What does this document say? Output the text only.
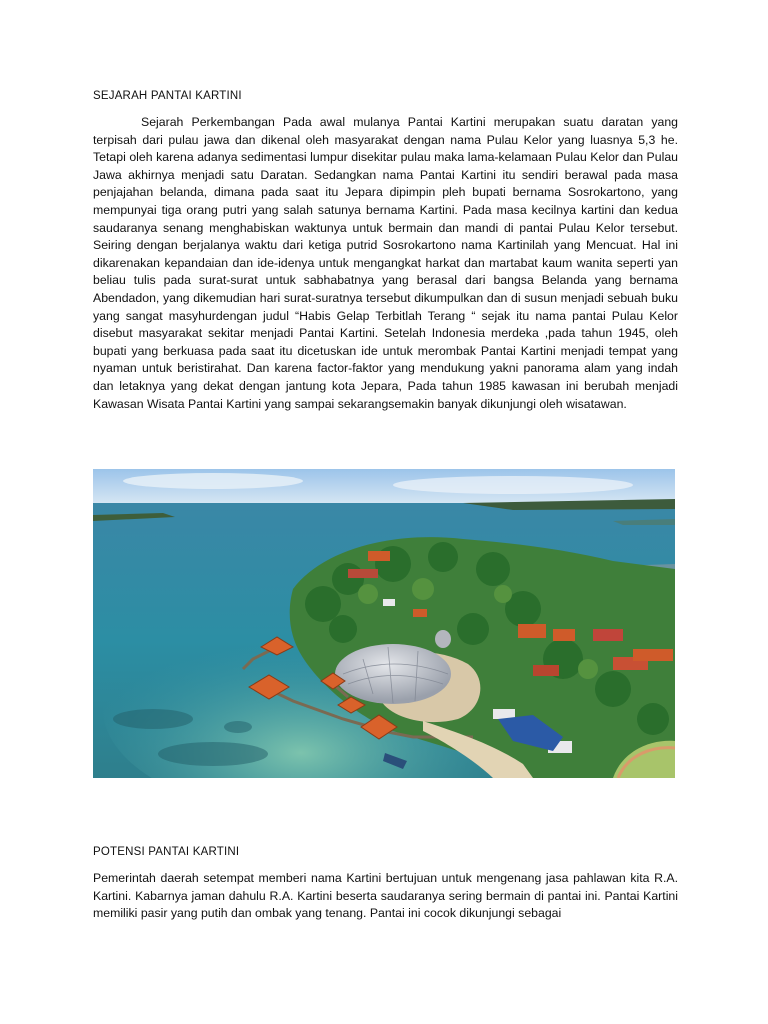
SEJARAH PANTAI KARTINI

Sejarah Perkembangan Pada awal mulanya Pantai Kartini merupakan suatu daratan yang terpisah dari pulau jawa dan dikenal oleh masyarakat dengan nama Pulau Kelor yang luasnya 5,3 he. Tetapi oleh karena adanya sedimentasi lumpur disekitar pulau maka lama-kelamaan Pulau Kelor dan Pulau Jawa akhirnya menjadi satu Daratan. Sedangkan nama Pantai Kartini itu sendiri berawal pada masa penjajahan belanda, dimana pada saat itu Jepara dipimpin pleh bupati bernama Sosrokartono, yang mempunyai tiga orang putri yang salah satunya bernama Kartini. Pada masa kecilnya kartini dan kedua saudaranya senang menghabiskan waktunya untuk bermain dan mandi di pantai Pulau Kelor tersebut. Seiring dengan berjalanya waktu dari ketiga putrid Sosrokartono nama Kartinilah yang Mencuat. Hal ini dikarenakan kepandaian dan ide-idenya untuk mengangkat harkat dan martabat kaum wanita seperti yan beliau tulis pada surat-surat untuk sabhabatnya yang berasal dari bangsa Belanda yang bernama Abendadon, yang dikemudian hari surat-suratnya tersebut dikumpulkan dan di susun menjadi sebuah buku yang sangat masyhurdengan judul “Habis Gelap Terbitlah Terang “ sejak itu nama pantai Pulau Kelor disebut masyarakat sekitar menjadi Pantai Kartini. Setelah Indonesia merdeka ,pada tahun 1945, oleh bupati yang berkuasa pada saat itu dicetuskan ide untuk merombak Pantai Kartini menjadi tempat yang nyaman untuk beristirahat. Dan karena factor-faktor yang mendukung yakni panorama alam yang indah dan letaknya yang dekat dengan jantung kota Jepara, Pada tahun 1985 kawasan ini berubah menjadi Kawasan Wisata Pantai Kartini yang sampai sekarangsemakin banyak dikunjungi oleh wisatawan.

POTENSI PANTAI KARTINI

Pemerintah daerah setempat memberi nama Kartini bertujuan untuk mengenang jasa pahlawan kita R.A. Kartini. Kabarnya jaman dahulu R.A. Kartini beserta saudaranya sering bermain di pantai ini. Pantai Kartini memiliki pasir yang putih dan ombak yang tenang. Pantai ini cocok dikunjungi sebagai
